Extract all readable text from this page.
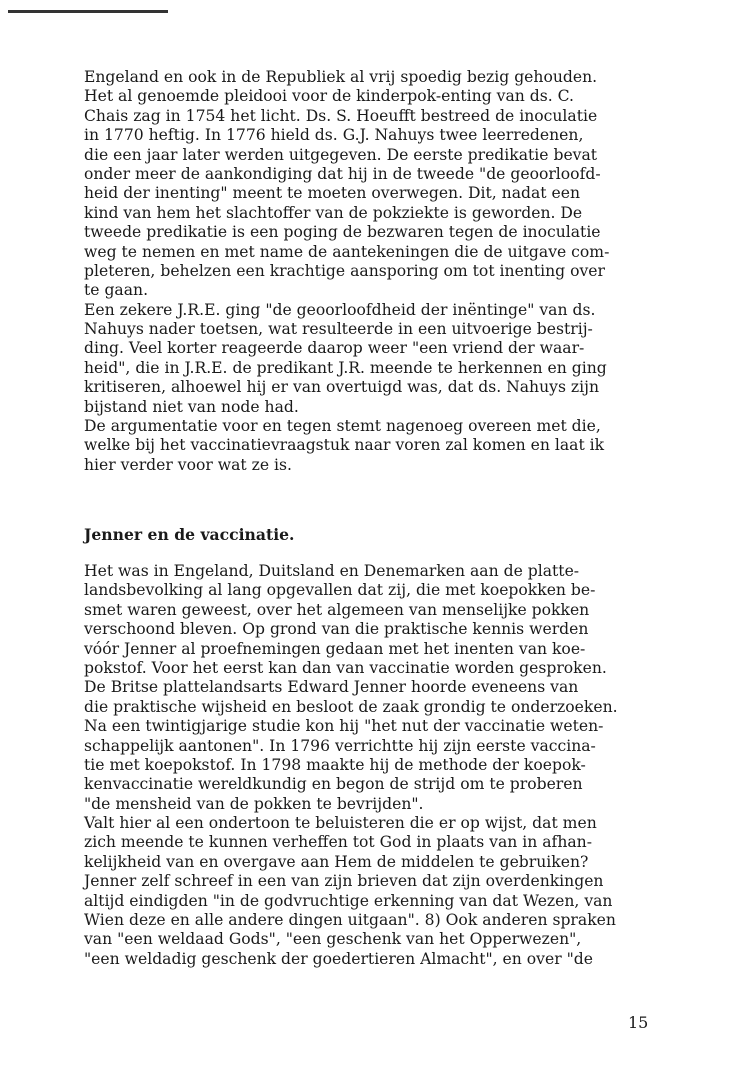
Engeland en ook in de Republiek al vrij spoedig bezig gehouden.
Het al genoemde pleidooi voor de kinderpok-enting van ds. C.
Chais zag in 1754 het licht. Ds. S. Hoeufft bestreed de inoculatie
in 1770 heftig. In 1776 hield ds. G.J. Nahuys twee leerredenen,
die een jaar later werden uitgegeven. De eerste predikatie bevat
onder meer de aankondiging dat hij in de tweede "de geoorloofd-
heid der inenting" meent te moeten overwegen. Dit, nadat een
kind van hem het slachtoffer van de pokziekte is geworden. De
tweede predikatie is een poging de bezwaren tegen de inoculatie
weg te nemen en met name de aantekeningen die de uitgave com-
pleteren, behelzen een krachtige aansporing om tot inenting over
te gaan.
Een zekere J.R.E. ging "de geoorloofdheid der inëntinge" van ds.
Nahuys nader toetsen, wat resulteerde in een uitvoerige bestrij-
ding. Veel korter reageerde daarop weer "een vriend der waar-
heid", die in J.R.E. de predikant J.R. meende te herkennen en ging
kritiseren, alhoewel hij er van overtuigd was, dat ds. Nahuys zijn
bijstand niet van node had.
De argumentatie voor en tegen stemt nagenoeg overeen met die,
welke bij het vaccinatievraagstuk naar voren zal komen en laat ik
hier verder voor wat ze is.
Jenner en de vaccinatie.
Het was in Engeland, Duitsland en Denemarken aan de platte-
landsbevolking al lang opgevallen dat zij, die met koepokken be-
smet waren geweest, over het algemeen van menselijke pokken
verschoond bleven. Op grond van die praktische kennis werden
vóór Jenner al proefnemingen gedaan met het inenten van koe-
pokstof. Voor het eerst kan dan van vaccinatie worden gesproken.
De Britse plattelandsarts Edward Jenner hoorde eveneens van
die praktische wijsheid en besloot de zaak grondig te onderzoeken.
Na een twintigjarige studie kon hij "het nut der vaccinatie weten-
schappelijk aantonen". In 1796 verrichtte hij zijn eerste vaccina-
tie met koepokstof. In 1798 maakte hij de methode der koepok-
kenvaccinatie wereldkundig en begon de strijd om te proberen
"de mensheid van de pokken te bevrijden".
Valt hier al een ondertoon te beluisteren die er op wijst, dat men
zich meende te kunnen verheffen tot God in plaats van in afhan-
kelijkheid van en overgave aan Hem de middelen te gebruiken?
Jenner zelf schreef in een van zijn brieven dat zijn overdenkingen
altijd eindigden "in de godvruchtige erkenning van dat Wezen, van
Wien deze en alle andere dingen uitgaan". 8) Ook anderen spraken
van "een weldaad Gods", "een geschenk van het Opperwezen",
"een weldadig geschenk der goedertieren Almacht", en over "de
15
